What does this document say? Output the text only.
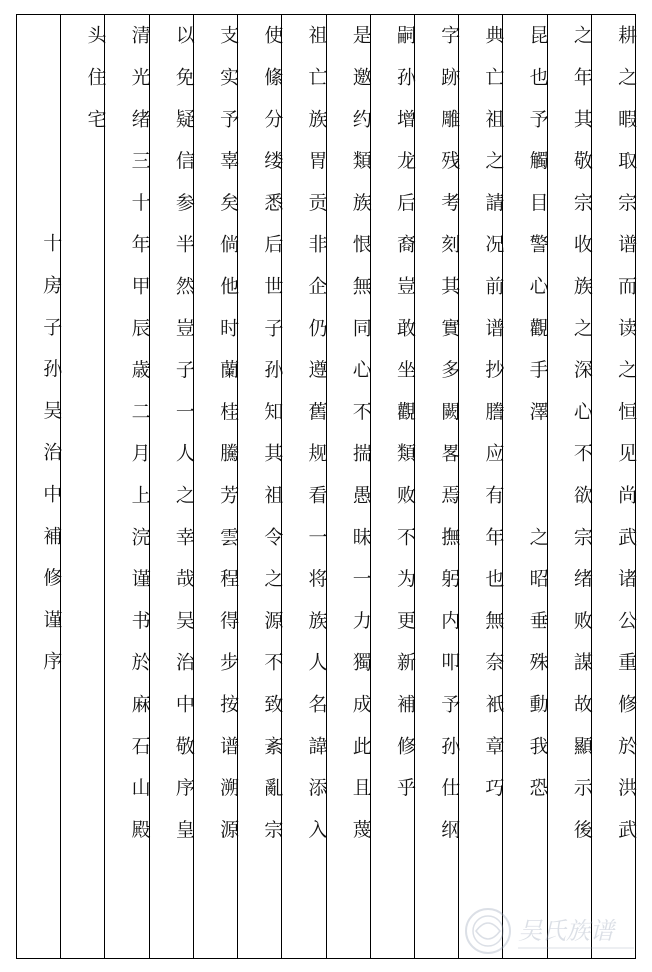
十房子孙吴治中補修谨序
头住宅	清光绪三十年甲辰歳二月上浣谨书於麻石山殿	以免疑信参半然豈子一人之幸哉吴治中敬序皇	支实予辜矣倘他时蘭桂騰芳雲程得步按谱溯源	使絛分缕悉后世子孙知其祖令之源不致紊亂宗	祖亡族胃贡非企仍遵舊规看一将族人名諱添入	是邀约類族恨無同心不揣愚昧一力獨成此且蔑	嗣孙增龙后裔豈敢坐觀類败不为更新補修乎	字跡雕残考刻其實多闕畧焉撫躬内叩予孙仕纲	典亡祖之請况前谱抄謄应有年也無奈衹章巧	昆也予觸目警心觀手澤　　之昭垂殊動我恐	之年其敬宗收族之深心不欲宗绪败謀故顯示後	耕之暇取宗谱而读之恒见尚武诸公重修於洪武
吴氏族谱
